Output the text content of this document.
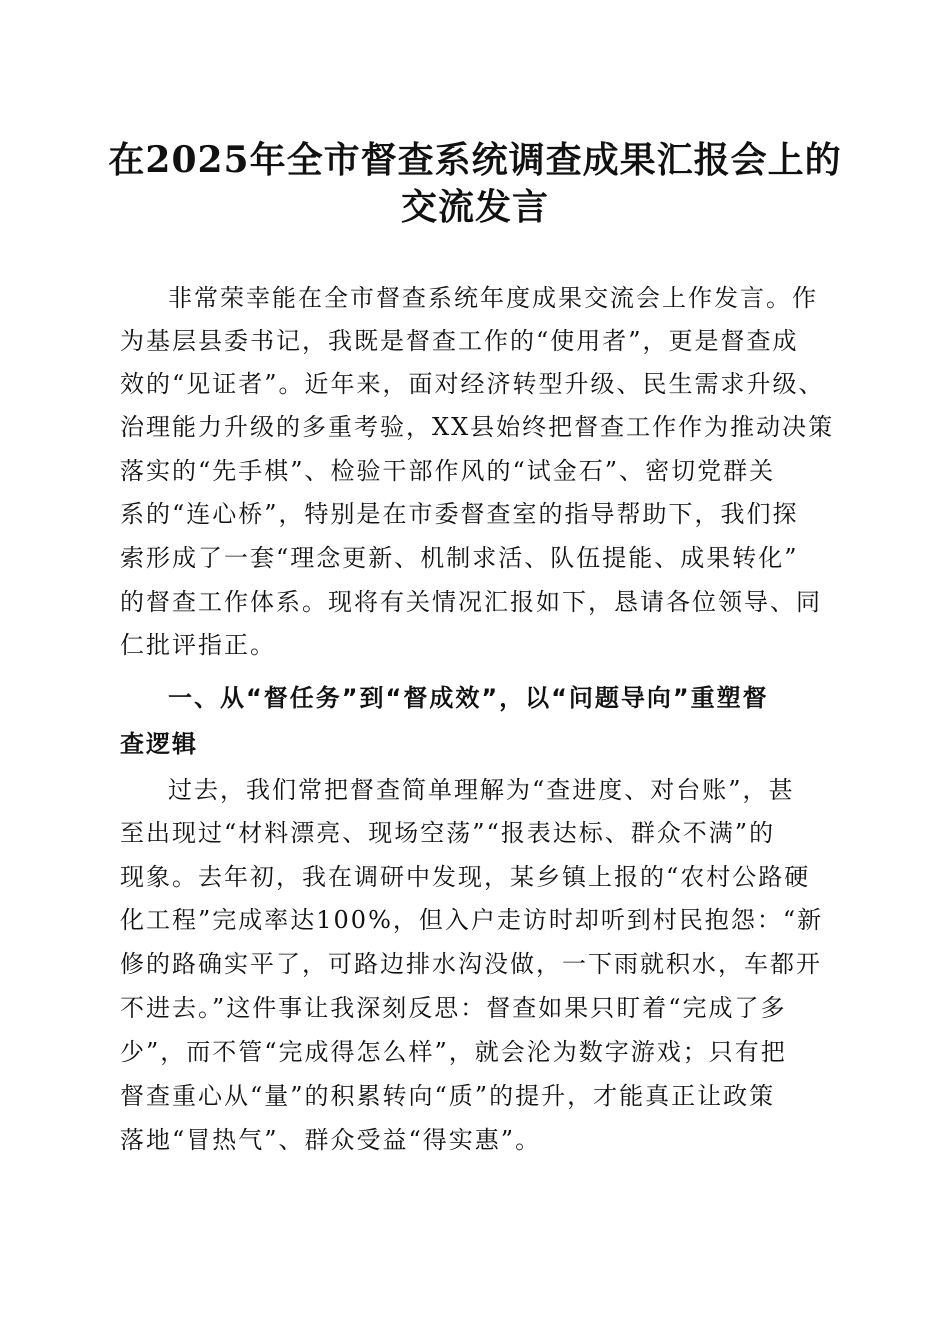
在2025年全市督查系统调查成果汇报会上的
交流发言

非常荣幸能在全市督查系统年度成果交流会上作发言。作

为基层县委书记，我既是督查工作的“使用者”，更是督查成

效的“见证者”。近年来，面对经济转型升级、民生需求升级、

治理能力升级的多重考验，XX县始终把督查工作作为推动决策

落实的“先手棋”、检验干部作风的“试金石”、密切党群关

系的“连心桥”，特别是在市委督查室的指导帮助下，我们探

索形成了一套“理念更新、机制求活、队伍提能、成果转化”

的督查工作体系。现将有关情况汇报如下，恳请各位领导、同

仁批评指正。

一、从“督任务”到“督成效”，以“问题导向”重塑督

查逻辑

过去，我们常把督查简单理解为“查进度、对台账”，甚

至出现过“材料漂亮、现场空荡”“报表达标、群众不满”的

现象。去年初，我在调研中发现，某乡镇上报的“农村公路硬

化工程”完成率达100%，但入户走访时却听到村民抱怨：“新

修的路确实平了，可路边排水沟没做，一下雨就积水，车都开

不进去。”这件事让我深刻反思：督查如果只盯着“完成了多

少”，而不管“完成得怎么样”，就会沦为数字游戏；只有把

督查重心从“量”的积累转向“质”的提升，才能真正让政策

落地“冒热气”、群众受益“得实惠”。
